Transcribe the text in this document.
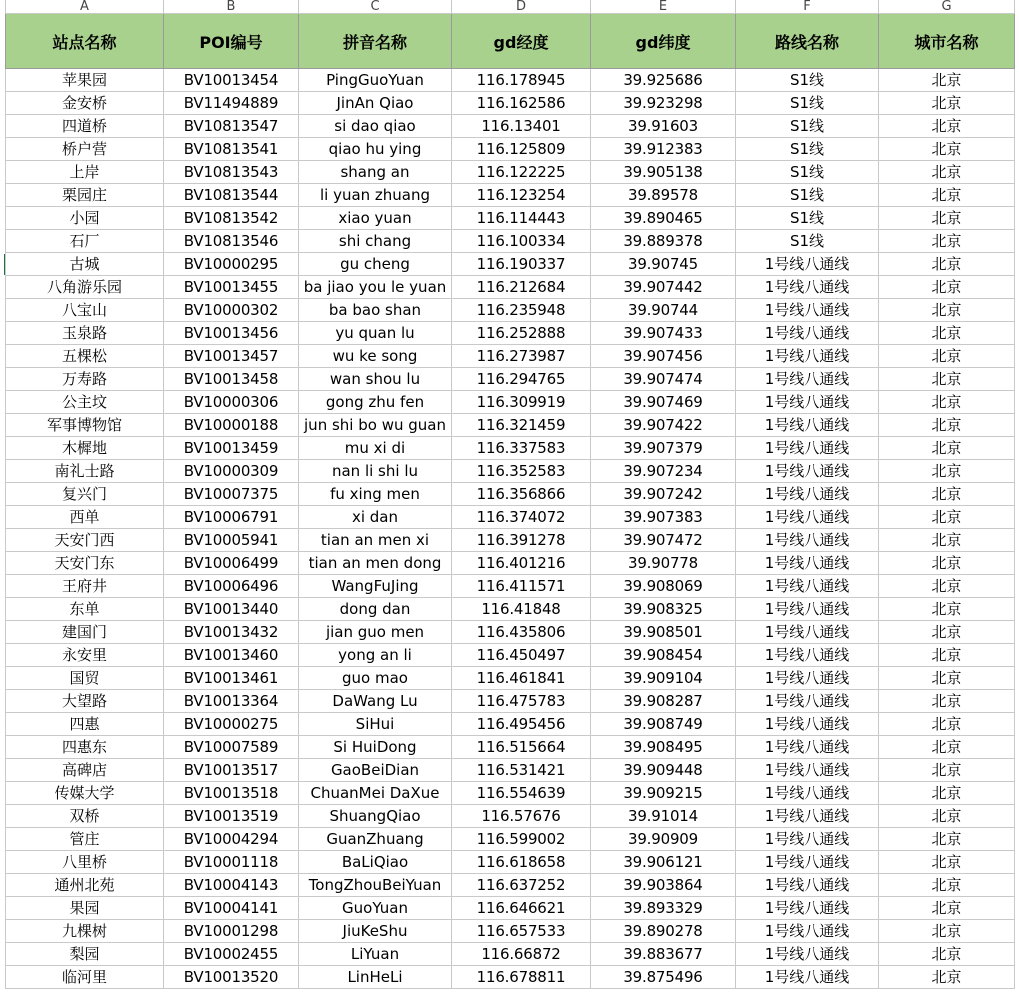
A	B	C	D	E	F	G
站点名称	POI编号	拼音名称	gd经度	gd纬度	路线名称	城市名称
苹果园	BV10013454	PingGuoYuan	116.178945	39.925686	S1线	北京
金安桥	BV11494889	JinAn Qiao	116.162586	39.923298	S1线	北京
四道桥	BV10813547	si dao qiao	116.13401	39.91603	S1线	北京
桥户营	BV10813541	qiao hu ying	116.125809	39.912383	S1线	北京
上岸	BV10813543	shang an	116.122225	39.905138	S1线	北京
栗园庄	BV10813544	li yuan zhuang	116.123254	39.89578	S1线	北京
小园	BV10813542	xiao yuan	116.114443	39.890465	S1线	北京
石厂	BV10813546	shi chang	116.100334	39.889378	S1线	北京
古城	BV10000295	gu cheng	116.190337	39.90745	1号线八通线	北京
八角游乐园	BV10013455	ba jiao you le yuan	116.212684	39.907442	1号线八通线	北京
八宝山	BV10000302	ba bao shan	116.235948	39.90744	1号线八通线	北京
玉泉路	BV10013456	yu quan lu	116.252888	39.907433	1号线八通线	北京
五棵松	BV10013457	wu ke song	116.273987	39.907456	1号线八通线	北京
万寿路	BV10013458	wan shou lu	116.294765	39.907474	1号线八通线	北京
公主坟	BV10000306	gong zhu fen	116.309919	39.907469	1号线八通线	北京
军事博物馆	BV10000188	jun shi bo wu guan	116.321459	39.907422	1号线八通线	北京
木樨地	BV10013459	mu xi di	116.337583	39.907379	1号线八通线	北京
南礼士路	BV10000309	nan li shi lu	116.352583	39.907234	1号线八通线	北京
复兴门	BV10007375	fu xing men	116.356866	39.907242	1号线八通线	北京
西单	BV10006791	xi dan	116.374072	39.907383	1号线八通线	北京
天安门西	BV10005941	tian an men xi	116.391278	39.907472	1号线八通线	北京
天安门东	BV10006499	tian an men dong	116.401216	39.90778	1号线八通线	北京
王府井	BV10006496	WangFuJing	116.411571	39.908069	1号线八通线	北京
东单	BV10013440	dong dan	116.41848	39.908325	1号线八通线	北京
建国门	BV10013432	jian guo men	116.435806	39.908501	1号线八通线	北京
永安里	BV10013460	yong an li	116.450497	39.908454	1号线八通线	北京
国贸	BV10013461	guo mao	116.461841	39.909104	1号线八通线	北京
大望路	BV10013364	DaWang Lu	116.475783	39.908287	1号线八通线	北京
四惠	BV10000275	SiHui	116.495456	39.908749	1号线八通线	北京
四惠东	BV10007589	Si HuiDong	116.515664	39.908495	1号线八通线	北京
高碑店	BV10013517	GaoBeiDian	116.531421	39.909448	1号线八通线	北京
传媒大学	BV10013518	ChuanMei DaXue	116.554639	39.909215	1号线八通线	北京
双桥	BV10013519	ShuangQiao	116.57676	39.91014	1号线八通线	北京
管庄	BV10004294	GuanZhuang	116.599002	39.90909	1号线八通线	北京
八里桥	BV10001118	BaLiQiao	116.618658	39.906121	1号线八通线	北京
通州北苑	BV10004143	TongZhouBeiYuan	116.637252	39.903864	1号线八通线	北京
果园	BV10004141	GuoYuan	116.646621	39.893329	1号线八通线	北京
九棵树	BV10001298	JiuKeShu	116.657533	39.890278	1号线八通线	北京
梨园	BV10002455	LiYuan	116.66872	39.883677	1号线八通线	北京
临河里	BV10013520	LinHeLi	116.678811	39.875496	1号线八通线	北京
